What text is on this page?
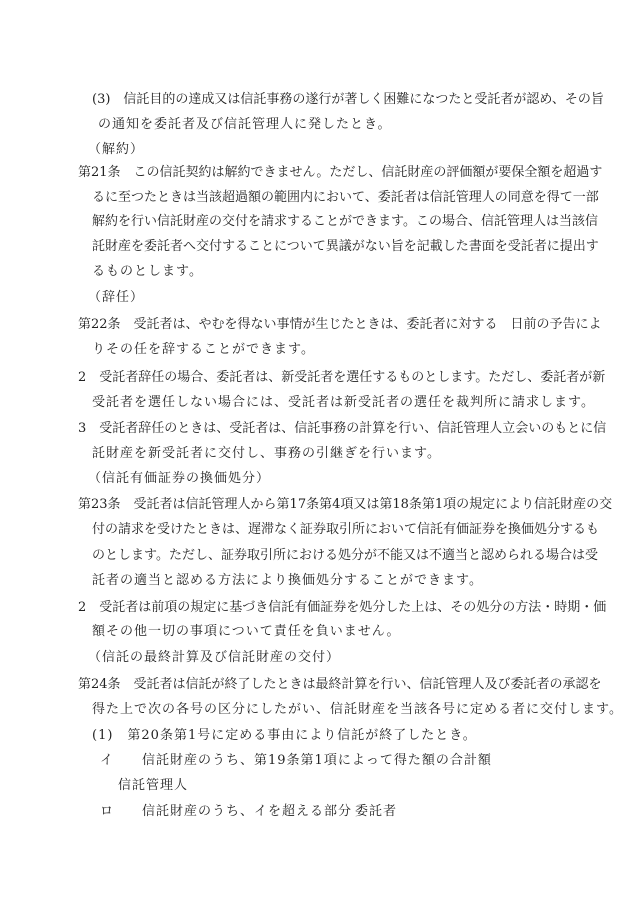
(3)　信託目的の達成又は信託事務の遂行が著しく困難になつたと受託者が認め、その旨
の通知を委託者及び信託管理人に発したとき。
（解約）
第21条　この信託契約は解約できません。ただし、信託財産の評価額が要保全額を超過す
るに至つたときは当該超過額の範囲内において、委託者は信託管理人の同意を得て一部
解約を行い信託財産の交付を請求することができます。この場合、信託管理人は当該信
託財産を委託者へ交付することについて異議がない旨を記載した書面を受託者に提出す
るものとします。
（辞任）
第22条　受託者は、やむを得ない事情が生じたときは、委託者に対する　日前の予告によ
りその任を辞することができます。
2　受託者辞任の場合、委託者は、新受託者を選任するものとします。ただし、委託者が新
受託者を選任しない場合には、受託者は新受託者の選任を裁判所に請求します。
3　受託者辞任のときは、受託者は、信託事務の計算を行い、信託管理人立会いのもとに信
託財産を新受託者に交付し、事務の引継ぎを行います。
（信託有価証券の換価処分）
第23条　受託者は信託管理人から第17条第4項又は第18条第1項の規定により信託財産の交
付の請求を受けたときは、遅滞なく証券取引所において信託有価証券を換価処分するも
のとします。ただし、証券取引所における処分が不能又は不適当と認められる場合は受
託者の適当と認める方法により換価処分することができます。
2　受託者は前項の規定に基づき信託有価証券を処分した上は、その処分の方法・時期・価
額その他一切の事項について責任を負いません。
（信託の最終計算及び信託財産の交付）
第24条　受託者は信託が終了したときは最終計算を行い、信託管理人及び委託者の承認を
得た上で次の各号の区分にしたがい、信託財産を当該各号に定める者に交付します。
(1)　第20条第1号に定める事由により信託が終了したとき。
イ　　信託財産のうち、第19条第1項によって得た額の合計額
信託管理人
ロ　　信託財産のうち、イを超える部分 委託者
